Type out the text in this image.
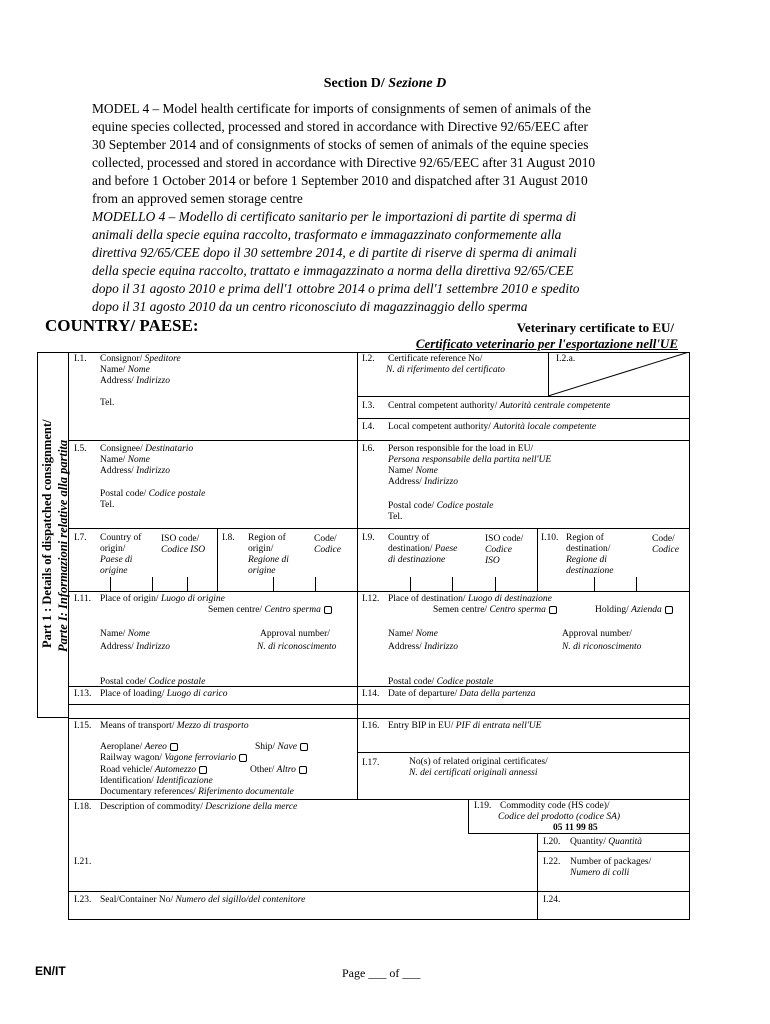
Section D/ Sezione D
MODEL 4 – Model health certificate for imports of consignments of semen of animals of the
equine species collected, processed and stored in accordance with Directive 92/65/EEC after
30 September 2014 and of consignments of stocks of semen of animals of the equine species
collected, processed and stored in accordance with Directive 92/65/EEC after 31 August 2010
and before 1 October 2014 or before 1 September 2010 and dispatched after 31 August 2010
from an approved semen storage centre
MODELLO 4 – Modello di certificato sanitario per le importazioni di partite di sperma di
animali della specie equina raccolto, trasformato e immagazzinato conformemente alla
direttiva 92/65/CEE dopo il 30 settembre 2014, e di partite di riserve di sperma di animali
della specie equina raccolto, trattato e immagazzinato a norma della direttiva 92/65/CEE
dopo il 31 agosto 2010 e prima dell'1 ottobre 2014 o prima dell'1 settembre 2010 e spedito
dopo il 31 agosto 2010 da un centro riconosciuto di magazzinaggio dello sperma
COUNTRY/ PAESE:	Veterinary certificate to EU/
Certificato veterinario per l'esportazione nell'UE
Part 1 : Details of dispatched consignment/ Parte I: Informazioni relative alla partita
I.1. Consignor/ Speditore
Name/ Nome
Address/ Indirizzo
Tel.
I.2. Certificate reference No/
N. di riferimento del certificato
I.2.a.
I.3. Central competent authority/ Autorità centrale competente
I.4. Local competent authority/ Autorità locale competente
I.5. Consignee/ Destinatario
Name/ Nome
Address/ Indirizzo
Postal code/ Codice postale
Tel.
I.6. Person responsible for the load in EU/
Persona responsabile della partita nell'UE
Name/ Nome
Address/ Indirizzo
Postal code/ Codice postale
Tel.
I.7. Country of
origin/
Paese di
origine
ISO code/
Codice ISO
I.8. Region of
origin/
Regione di
origine
Code/
Codice
I.9. Country of
destination/ Paese
di destinazione
ISO code/
Codice
ISO
I.10. Region of
destination/
Regione di
destinazione
Code/
Codice
I.11. Place of origin/ Luogo di origine
Semen centre/ Centro sperma
Name/ Nome
Address/ Indirizzo
Approval number/
N. di riconoscimento
Postal code/ Codice postale
I.12. Place of destination/ Luogo di destinazione
Semen centre/ Centro sperma	Holding/ Azienda
Name/ Nome
Address/ Indirizzo
Approval number/
N. di riconoscimento
Postal code/ Codice postale
I.13. Place of loading/ Luogo di carico	I.14. Date of departure/ Data della partenza
I.15. Means of transport/ Mezzo di trasporto
Aeroplane/ Aereo	Ship/ Nave
Railway wagon/ Vagone ferroviario
Road vehicle/ Automezzo	Other/ Altro
Identification/ Identificazione
Documentary references/ Riferimento documentale
I.16. Entry BIP in EU/ PIF di entrata nell'UE
I.17.	No(s) of related original certificates/
N. dei certificati originali annessi
I.18. Description of commodity/ Descrizione della merce	I.19. Commodity code (HS code)/
Codice del prodotto (codice SA)
05 11 99 85
I.20. Quantity/ Quantità
I.21.	I.22. Number of packages/
Numero di colli
I.23. Seal/Container No/ Numero del sigillo/del contenitore	I.24.
EN/IT	Page ___ of ___
